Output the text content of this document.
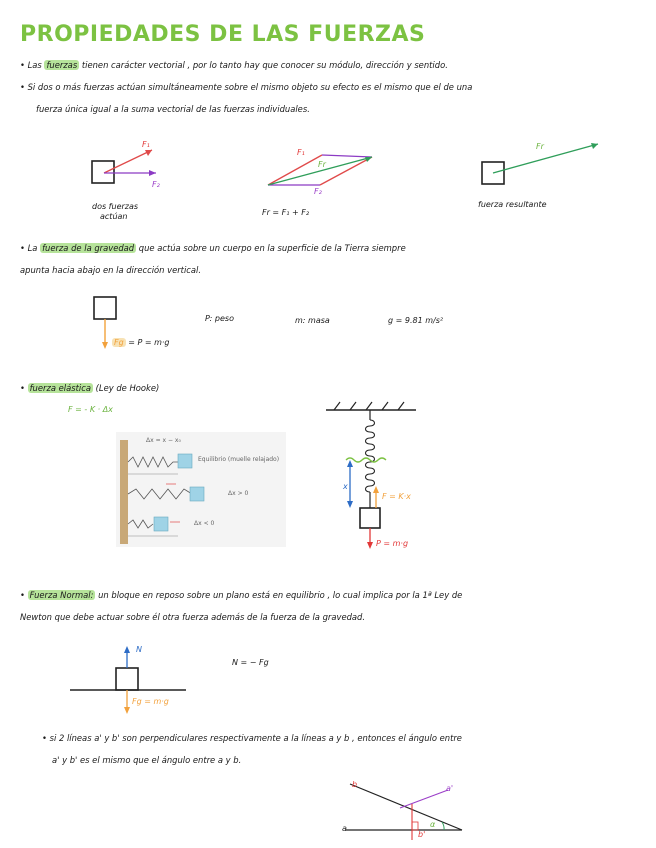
PROPIEDADES DE LAS FUERZAS
• Las fuerzas tienen carácter vectorial , por lo tanto hay que conocer su módulo, dirección y sentido.
• Si dos o más fuerzas actúan simultáneamente sobre el mismo objeto su efecto es el mismo que el de una
fuerza única igual a la suma vectorial de las fuerzas individuales.
F₁
F₂
dos fuerzas
actúan
F₁
Fr
F₂
Fr = F₁ + F₂
Fr
fuerza resultante
• La fuerza de la gravedad que actúa sobre un cuerpo en la superficie de la Tierra siempre
apunta hacia abajo en la dirección vertical.
Fg = P = m·g
P: peso	m: masa	g = 9.81 m/s²
• fuerza elástica (Ley de Hooke)
F = - K · Δx
Δx = x − x₀
Equilibrio (muelle relajado)
Δx > 0
Δx < 0
x
F = K·x
P = m·g
• Fuerza Normal: un bloque en reposo sobre un plano está en equilibrio , lo cual implica por la 1ª Ley de
Newton que debe actuar sobre él otra fuerza además de la fuerza de la gravedad.
N
Fg = m·g
N = − Fg
• si 2 líneas a' y b' son perpendiculares respectivamente a la líneas a y b , entonces el ángulo entre
a' y b' es el mismo que el ángulo entre a y b.
b	a'
a
b'
α
